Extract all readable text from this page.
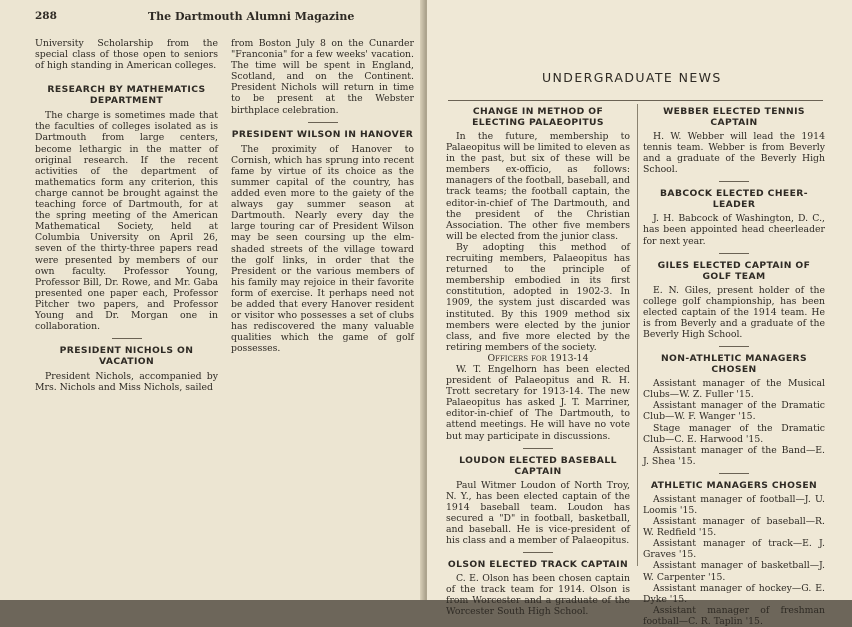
288	The Dartmouth Alumni Magazine

University Scholarship from the special class of those open to seniors of high standing in American colleges.

RESEARCH BY MATHEMATICS DEPARTMENT

The charge is sometimes made that the faculties of colleges isolated as is Dartmouth from large centers, become lethargic in the matter of original research. If the recent activities of the department of mathematics form any criterion, this charge cannot be brought against the teaching force of Dartmouth, for at the spring meeting of the American Mathematical Society, held at Columbia University on April 26, seven of the thirty-three papers read were presented by members of our own faculty. Professor Young, Professor Bill, Dr. Rowe, and Mr. Gaba presented one paper each, Professor Pitcher two papers, and Professor Young and Dr. Morgan one in collaboration.

PRESIDENT NICHOLS ON VACATION

President Nichols, accompanied by Mrs. Nichols and Miss Nichols, sailed

from Boston July 8 on the Cunarder "Franconia" for a few weeks' vacation. The time will be spent in England, Scotland, and on the Continent. President Nichols will return in time to be present at the Webster birthplace celebration.

PRESIDENT WILSON IN HANOVER

The proximity of Hanover to Cornish, which has sprung into recent fame by virtue of its choice as the summer capital of the country, has added even more to the gaiety of the always gay summer season at Dartmouth. Nearly every day the large touring car of President Wilson may be seen coursing up the elm-shaded streets of the village toward the golf links, in order that the President or the various members of his family may rejoice in their favorite form of exercise. It perhaps need not be added that every Hanover resident or visitor who possesses a set of clubs has rediscovered the many valuable qualities which the game of golf possesses.

UNDERGRADUATE NEWS
CHANGE IN METHOD OF ELECTING PALAEOPITUS

In the future, membership to Palaeopitus will be limited to eleven as in the past, but six of these will be members ex-officio, as follows: managers of the football, baseball, and track teams; the football captain, the editor-in-chief of The Dartmouth, and the president of the Christian Association. The other five members will be elected from the junior class.

By adopting this method of recruiting members, Palaeopitus has returned to the principle of membership embodied in its first constitution, adopted in 1902-3. In 1909, the system just discarded was instituted. By this 1909 method six members were elected by the junior class, and five more elected by the retiring members of the society.

Officers for 1913-14

W. T. Engelhorn has been elected president of Palaeopitus and R. H. Trott secretary for 1913-14. The new Palaeopitus has asked J. T. Marriner, editor-in-chief of The Dartmouth, to attend meetings. He will have no vote but may participate in discussions.

LOUDON ELECTED BASEBALL CAPTAIN

Paul Witmer Loudon of North Troy, N. Y., has been elected captain of the 1914 baseball team. Loudon has secured a "D" in football, basketball, and baseball. He is vice-president of his class and a member of Palaeopitus.

OLSON ELECTED TRACK CAPTAIN

C. E. Olson has been chosen captain of the track team for 1914. Olson is from Worcester and a graduate of the Worcester South High School.

WEBBER ELECTED TENNIS CAPTAIN

H. W. Webber will lead the 1914 tennis team. Webber is from Beverly and a graduate of the Beverly High School.

BABCOCK ELECTED CHEER-LEADER

J. H. Babcock of Washington, D. C., has been appointed head cheerleader for next year.

GILES ELECTED CAPTAIN OF GOLF TEAM

E. N. Giles, present holder of the college golf championship, has been elected captain of the 1914 team. He is from Beverly and a graduate of the Beverly High School.

NON-ATHLETIC MANAGERS CHOSEN

Assistant manager of the Musical Clubs—W. Z. Fuller '15.

Assistant manager of the Dramatic Club—W. F. Wanger '15.

Stage manager of the Dramatic Club—C. E. Harwood '15.

Assistant manager of the Band—E. J. Shea '15.

ATHLETIC MANAGERS CHOSEN

Assistant manager of football—J. U. Loomis '15.

Assistant manager of baseball—R. W. Redfield '15.

Assistant manager of track—E. J. Graves '15.

Assistant manager of basketball—J. W. Carpenter '15.

Assistant manager of hockey—G. E. Dyke '15.

Assistant manager of freshman football—C. R. Taplin '15.
